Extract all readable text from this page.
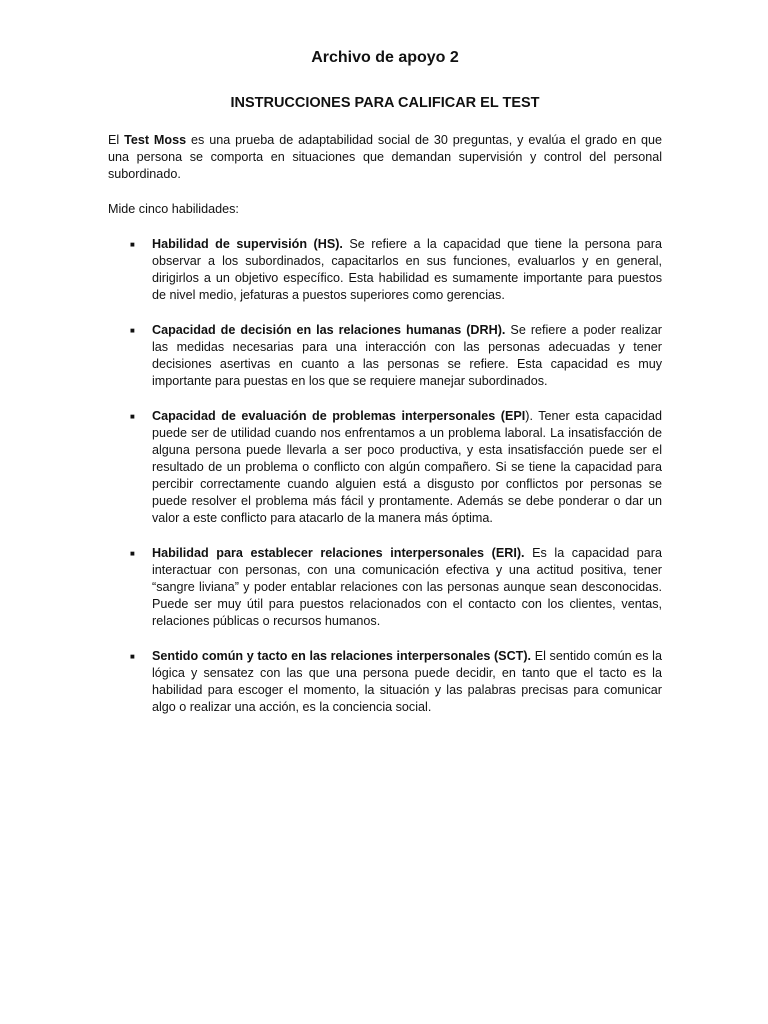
Archivo de apoyo 2
INSTRUCCIONES PARA CALIFICAR EL TEST

El Test Moss es una prueba de adaptabilidad social de 30 preguntas, y evalúa el grado en que una persona se comporta en situaciones que demandan supervisión y control del personal subordinado.

Mide cinco habilidades:

■ Habilidad de supervisión (HS). Se refiere a la capacidad que tiene la persona para observar a los subordinados, capacitarlos en sus funciones, evaluarlos y en general, dirigirlos a un objetivo específico. Esta habilidad es sumamente importante para puestos de nivel medio, jefaturas a puestos superiores como gerencias.
■ Capacidad de decisión en las relaciones humanas (DRH). Se refiere a poder realizar las medidas necesarias para una interacción con las personas adecuadas y tener decisiones asertivas en cuanto a las personas se refiere. Esta capacidad es muy importante para puestas en los que se requiere manejar subordinados.
■ Capacidad de evaluación de problemas interpersonales (EPI). Tener esta capacidad puede ser de utilidad cuando nos enfrentamos a un problema laboral. La insatisfacción de alguna persona puede llevarla a ser poco productiva, y esta insatisfacción puede ser el resultado de un problema o conflicto con algún compañero. Si se tiene la capacidad para percibir correctamente cuando alguien está a disgusto por conflictos por personas se puede resolver el problema más fácil y prontamente. Además se debe ponderar o dar un valor a este conflicto para atacarlo de la manera más óptima.
■ Habilidad para establecer relaciones interpersonales (ERI). Es la capacidad para interactuar con personas, con una comunicación efectiva y una actitud positiva, tener “sangre liviana” y poder entablar relaciones con las personas aunque sean desconocidas. Puede ser muy útil para puestos relacionados con el contacto con los clientes, ventas, relaciones públicas o recursos humanos.
■ Sentido común y tacto en las relaciones interpersonales (SCT). El sentido común es la lógica y sensatez con las que una persona puede decidir, en tanto que el tacto es la habilidad para escoger el momento, la situación y las palabras precisas para comunicar algo o realizar una acción, es la conciencia social.
